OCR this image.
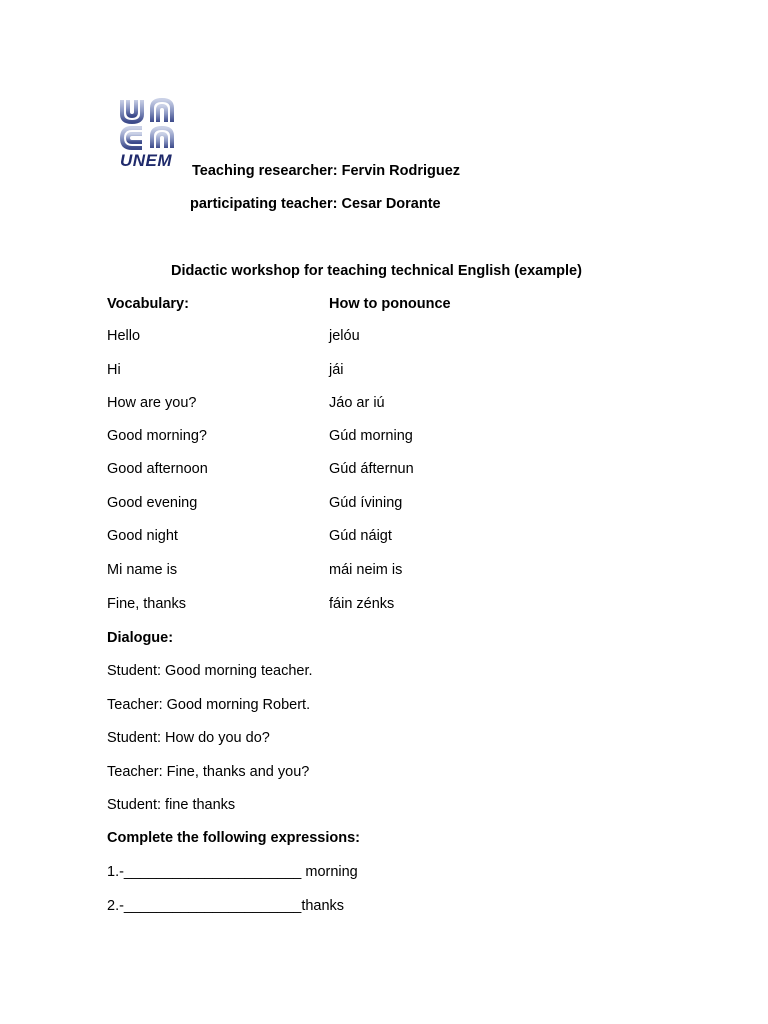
UNEM
Teaching researcher: Fervin Rodriguez
participating teacher: Cesar Dorante
Didactic workshop for teaching technical English (example)
Vocabulary:	How to ponounce
Hello	jelóu
Hi	jái
How are you?	Jáo ar iú
Good morning?	Gúd morning
Good afternoon	Gúd áfternun
Good evening	Gúd ívining
Good night	Gúd náigt
Mi name is	mái neim is
Fine, thanks	fáin zénks
Dialogue:
Student: Good morning teacher.
Teacher: Good morning Robert.
Student: How do you do?
Teacher: Fine, thanks and you?
Student: fine thanks
Complete the following expressions:
1.-______________________ morning
2.-______________________thanks
